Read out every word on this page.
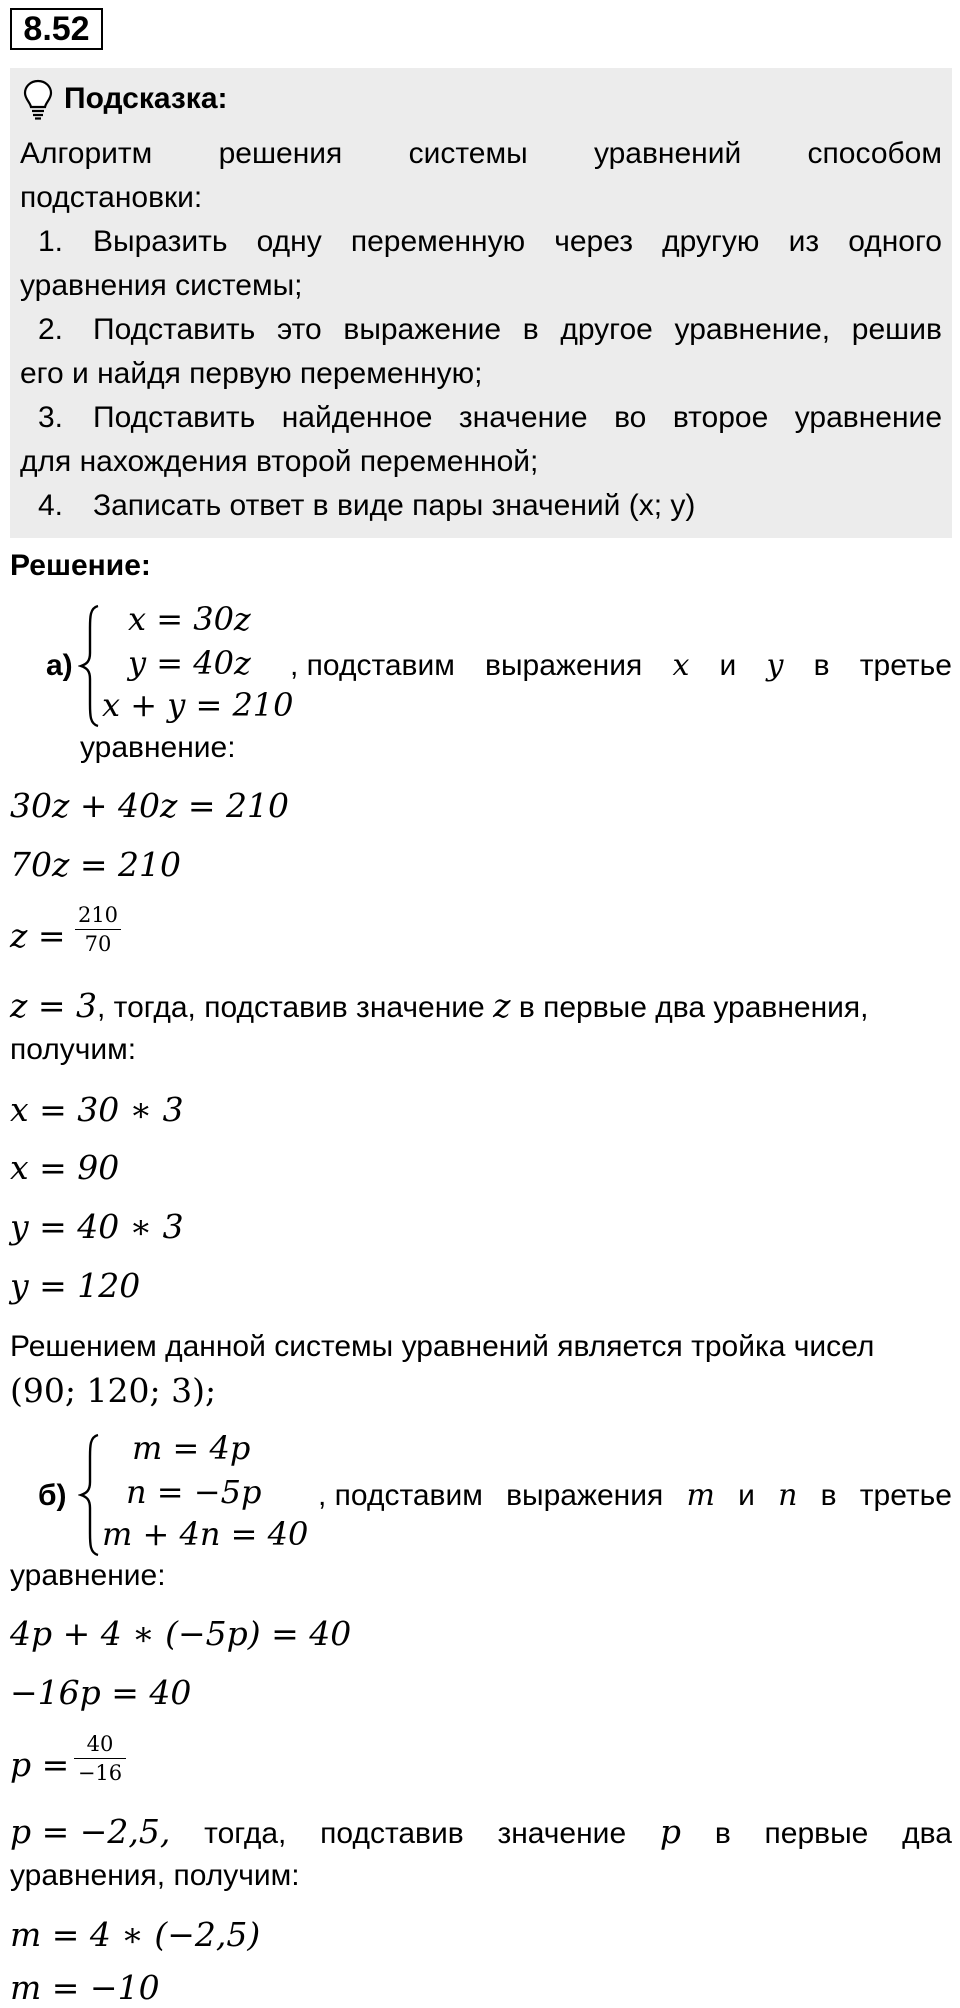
8.52
Подсказка:
Алгоритм решения системы уравнений способом

подстановки:

1. Выразить одну переменную через другую из одного

уравнения системы;

2. Подставить это выражение в другое уравнение, решив

его и найдя первую переменную;

3. Подставить найденное значение во второе уравнение

для нахождения второй переменной;

4. Записать ответ в виде пары значений (x; y)
Решение:
а)
x = 30z
y = 40z
x + y = 210
, подставим выражения x и y в третье
уравнение:
30z + 40z = 210
70z = 210
z =
210
70
z = 3, тогда, подставив значение z в первые два уравнения,
получим:
x = 30 ∗ 3
x = 90
y = 40 ∗ 3
y = 120
Решением данной системы уравнений является тройка чисел
(90; 120; 3);
б)
m = 4p
n = −5p
m + 4n = 40
, подставим выражения m и n в третье
уравнение:
4p + 4 ∗ (−5p) = 40
−16p = 40
p =
40
−16
p = −2,5, тогда, подставив значение p в первые два
уравнения, получим:
m = 4 ∗ (−2,5)
m = −10
